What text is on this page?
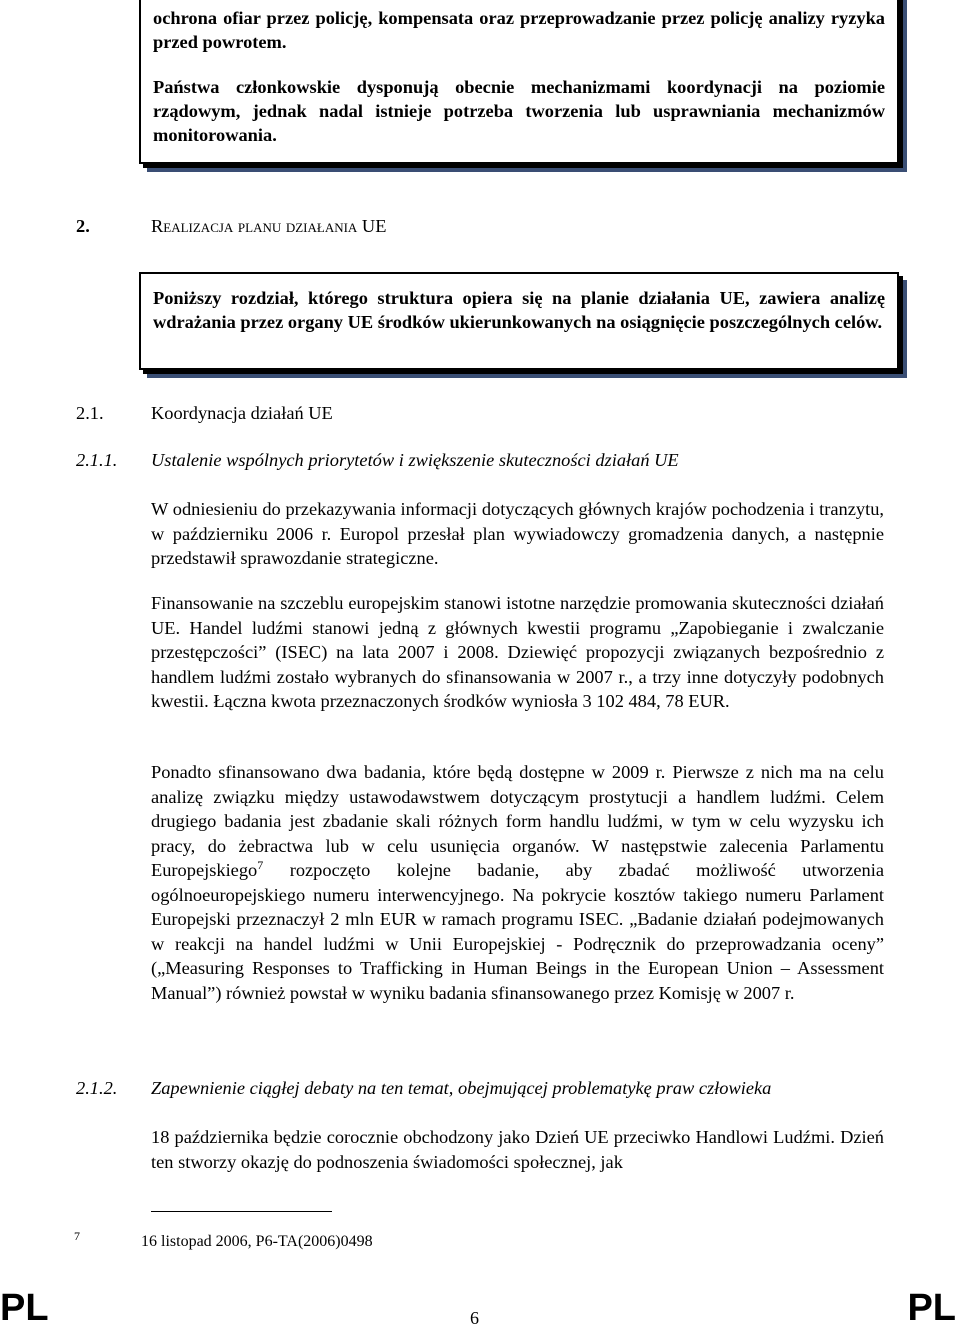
ochrona ofiar przez policję, kompensata oraz przeprowadzanie przez policję analizy ryzyka przed powrotem.

Państwa członkowskie dysponują obecnie mechanizmami koordynacji na poziomie rządowym, jednak nadal istnieje potrzeba tworzenia lub usprawniania mechanizmów monitorowania.

2.	Realizacja planu działania UE

Poniższy rozdział, którego struktura opiera się na planie działania UE, zawiera analizę wdrażania przez organy UE środków ukierunkowanych na osiągnięcie poszczególnych celów.

2.1.	Koordynacja działań UE
2.1.1. Ustalenie wspólnych priorytetów i zwiększenie skuteczności działań UE

W odniesieniu do przekazywania informacji dotyczących głównych krajów pochodzenia i tranzytu, w październiku 2006 r. Europol przesłał plan wywiadowczy gromadzenia danych, a następnie przedstawił sprawozdanie strategiczne.

Finansowanie na szczeblu europejskim stanowi istotne narzędzie promowania skuteczności działań UE. Handel ludźmi stanowi jedną z głównych kwestii programu „Zapobieganie i zwalczanie przestępczości” (ISEC) na lata 2007 i 2008. Dziewięć propozycji związanych bezpośrednio z handlem ludźmi zostało wybranych do sfinansowania w 2007 r., a trzy inne dotyczyły podobnych kwestii. Łączna kwota przeznaczonych środków wyniosła 3 102 484, 78 EUR.

Ponadto sfinansowano dwa badania, które będą dostępne w 2009 r. Pierwsze z nich ma na celu analizę związku między ustawodawstwem dotyczącym prostytucji a handlem ludźmi. Celem drugiego badania jest zbadanie skali różnych form handlu ludźmi, w tym w celu wyzysku ich pracy, do żebractwa lub w celu usunięcia organów. W następstwie zalecenia Parlamentu Europejskiego$^7$ rozpoczęto kolejne badanie, aby zbadać możliwość utworzenia ogólnoeuropejskiego numeru interwencyjnego. Na pokrycie kosztów takiego numeru Parlament Europejski przeznaczył 2 mln EUR w ramach programu ISEC. „Badanie działań podejmowanych w reakcji na handel ludźmi w Unii Europejskiej - Podręcznik do przeprowadzania oceny” („Measuring Responses to Trafficking in Human Beings in the European Union – Assessment Manual”) również powstał w wyniku badania sfinansowanego przez Komisję w 2007 r.

2.1.2. Zapewnienie ciągłej debaty na ten temat, obejmującej problematykę praw człowieka

18 października będzie corocznie obchodzony jako Dzień UE przeciwko Handlowi Ludźmi. Dzień ten stworzy okazję do podnoszenia świadomości społecznej, jak

7	16 listopad 2006, P6-TA(2006)0498
PL	6	PL
